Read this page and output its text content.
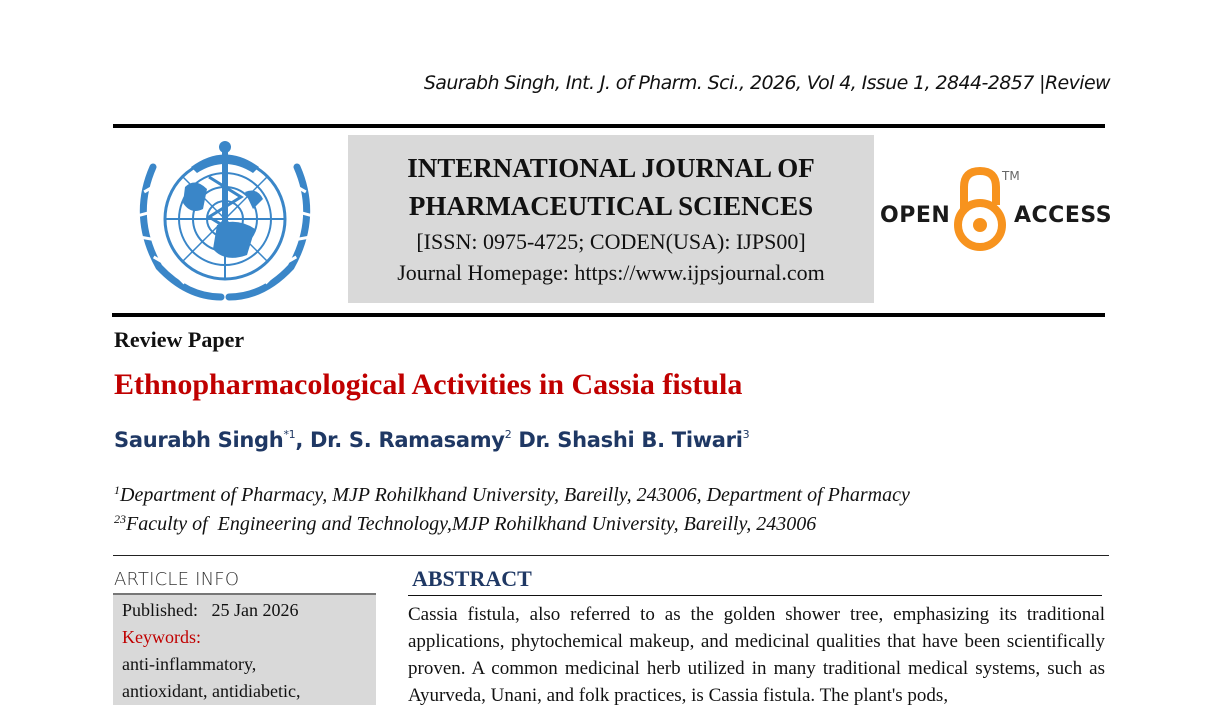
Saurabh Singh, Int. J. of Pharm. Sci., 2026, Vol 4, Issue 1, 2844-2857 |Review
INTERNATIONAL JOURNAL OF
PHARMACEUTICAL SCIENCES
[ISSN: 0975-4725; CODEN(USA): IJPS00]
Journal Homepage: https://www.ijpsjournal.com
OPEN
TM
ACCESS
Review Paper
Ethnopharmacological Activities in Cassia fistula
Saurabh Singh$^{*1}$, Dr. S. Ramasamy$^2$ Dr. Shashi B. Tiwari$^3$
$^1$Department of Pharmacy, MJP Rohilkhand University, Bareilly, 243006, Department of Pharmacy
$^{23}$Faculty of  Engineering and Technology,MJP Rohilkhand University, Bareilly, 243006
ARTICLE INFO
Published: 25 Jan 2026
Keywords:
anti-inflammatory,
antioxidant, antidiabetic,
ABSTRACT
Cassia fistula, also referred to as the golden shower tree, emphasizing its traditional applications, phytochemical makeup, and medicinal qualities that have been scientifically proven. A common medicinal herb utilized in many traditional medical systems, such as Ayurveda, Unani, and folk practices, is Cassia fistula. The plant's pods,
